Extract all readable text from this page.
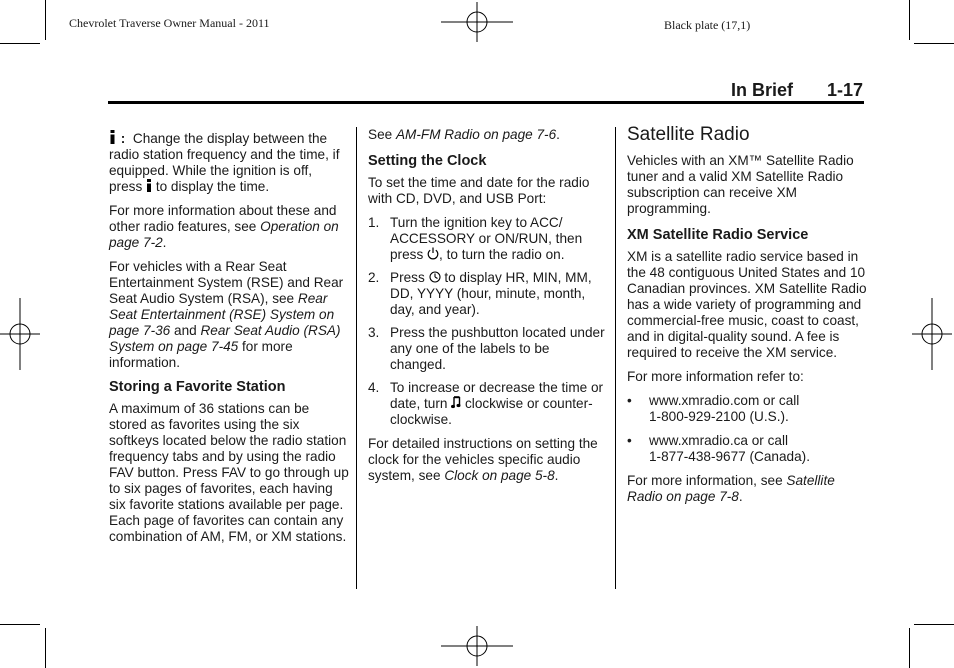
Chevrolet Traverse Owner Manual - 2011	Black plate (17,1)
In Brief 1-17

: Change the display between the radio station frequency and the time, if equipped. While the ignition is off, press to display the time.

For more information about these and other radio features, see Operation on page 7-2.

For vehicles with a Rear Seat Entertainment System (RSE) and Rear Seat Audio System (RSA), see Rear Seat Entertainment (RSE) System on page 7-36 and Rear Seat Audio (RSA) System on page 7-45 for more information.

Storing a Favorite Station

A maximum of 36 stations can be stored as favorites using the six softkeys located below the radio station frequency tabs and by using the radio FAV button. Press FAV to go through up to six pages of favorites, each having six favorite stations available per page. Each page of favorites can contain any combination of AM, FM, or XM stations.

See AM-FM Radio on page 7-6.

Setting the Clock

To set the time and date for the radio with CD, DVD, and USB Port:

1. Turn the ignition key to ACC/ ACCESSORY or ON/RUN, then press , to turn the radio on.
2. Press to display HR, MIN, MM, DD, YYYY (hour, minute, month, day, and year).
3. Press the pushbutton located under any one of the labels to be changed.
4. To increase or decrease the time or date, turn clockwise or counter-clockwise.

For detailed instructions on setting the clock for the vehicles specific audio system, see Clock on page 5-8.

Satellite Radio

Vehicles with an XM™ Satellite Radio tuner and a valid XM Satellite Radio subscription can receive XM programming.

XM Satellite Radio Service

XM is a satellite radio service based in the 48 contiguous United States and 10 Canadian provinces. XM Satellite Radio has a wide variety of programming and commercial-free music, coast to coast, and in digital-quality sound. A fee is required to receive the XM service.

For more information refer to:

• www.xmradio.com or call
1-800-929-2100 (U.S.).
• www.xmradio.ca or call
1-877-438-9677 (Canada).

For more information, see Satellite Radio on page 7-8.
